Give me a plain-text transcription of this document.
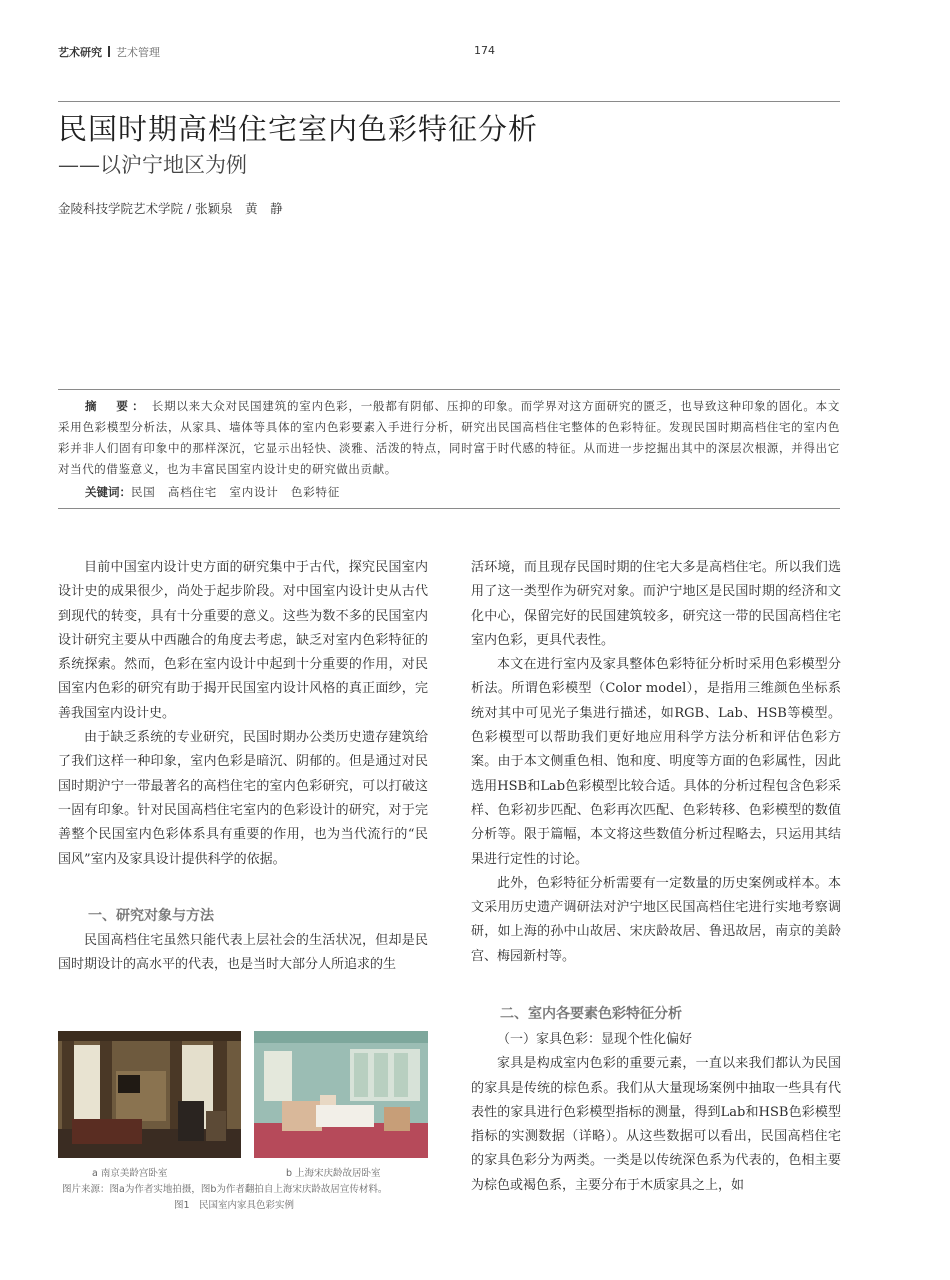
艺术研究 艺术管理	174
民国时期高档住宅室内色彩特征分析
——以沪宁地区为例
金陵科技学院艺术学院 / 张颖泉　黄　静
摘　要： 长期以来大众对民国建筑的室内色彩，一般都有阴郁、压抑的印象。而学界对这方面研究的匮乏，也导致这种印象的固化。本文采用色彩模型分析法，从家具、墙体等具体的室内色彩要素入手进行分析，研究出民国高档住宅整体的色彩特征。发现民国时期高档住宅的室内色彩并非人们固有印象中的那样深沉，它显示出轻快、淡雅、活泼的特点，同时富于时代感的特征。从而进一步挖掘出其中的深层次根源，并得出它对当代的借鉴意义，也为丰富民国室内设计史的研究做出贡献。
关键词：民国　高档住宅　室内设计　色彩特征

目前中国室内设计史方面的研究集中于古代，探究民国室内设计史的成果很少，尚处于起步阶段。对中国室内设计史从古代到现代的转变，具有十分重要的意义。这些为数不多的民国室内设计研究主要从中西融合的角度去考虑，缺乏对室内色彩特征的系统探索。然而，色彩在室内设计中起到十分重要的作用，对民国室内色彩的研究有助于揭开民国室内设计风格的真正面纱，完善我国室内设计史。

由于缺乏系统的专业研究，民国时期办公类历史遗存建筑给了我们这样一种印象，室内色彩是暗沉、阴郁的。但是通过对民国时期沪宁一带最著名的高档住宅的室内色彩研究，可以打破这一固有印象。针对民国高档住宅室内的色彩设计的研究，对于完善整个民国室内色彩体系具有重要的作用，也为当代流行的“民国风”室内及家具设计提供科学的依据。

一、研究对象与方法

民国高档住宅虽然只能代表上层社会的生活状况，但却是民国时期设计的高水平的代表，也是当时大部分人所追求的生

a 南京美龄宫卧室	b 上海宋庆龄故居卧室
图片来源：图a为作者实地拍摄，图b为作者翻拍自上海宋庆龄故居宣传材料。
图1　民国室内家具色彩实例

活环境，而且现存民国时期的住宅大多是高档住宅。所以我们选用了这一类型作为研究对象。而沪宁地区是民国时期的经济和文化中心，保留完好的民国建筑较多，研究这一带的民国高档住宅室内色彩，更具代表性。

本文在进行室内及家具整体色彩特征分析时采用色彩模型分析法。所谓色彩模型（Color model），是指用三维颜色坐标系统对其中可见光子集进行描述，如RGB、Lab、HSB等模型。色彩模型可以帮助我们更好地应用科学方法分析和评估色彩方案。由于本文侧重色相、饱和度、明度等方面的色彩属性，因此选用HSB和Lab色彩模型比较合适。具体的分析过程包含色彩采样、色彩初步匹配、色彩再次匹配、色彩转移、色彩模型的数值分析等。限于篇幅，本文将这些数值分析过程略去，只运用其结果进行定性的讨论。

此外，色彩特征分析需要有一定数量的历史案例或样本。本文采用历史遗产调研法对沪宁地区民国高档住宅进行实地考察调研，如上海的孙中山故居、宋庆龄故居、鲁迅故居，南京的美龄宫、梅园新村等。

二、室内各要素色彩特征分析

（一）家具色彩：显现个性化偏好

家具是构成室内色彩的重要元素，一直以来我们都认为民国的家具是传统的棕色系。我们从大量现场案例中抽取一些具有代表性的家具进行色彩模型指标的测量，得到Lab和HSB色彩模型指标的实测数据（详略）。从这些数据可以看出，民国高档住宅的家具色彩分为两类。一类是以传统深色系为代表的，色相主要为棕色或褐色系，主要分布于木质家具之上，如
